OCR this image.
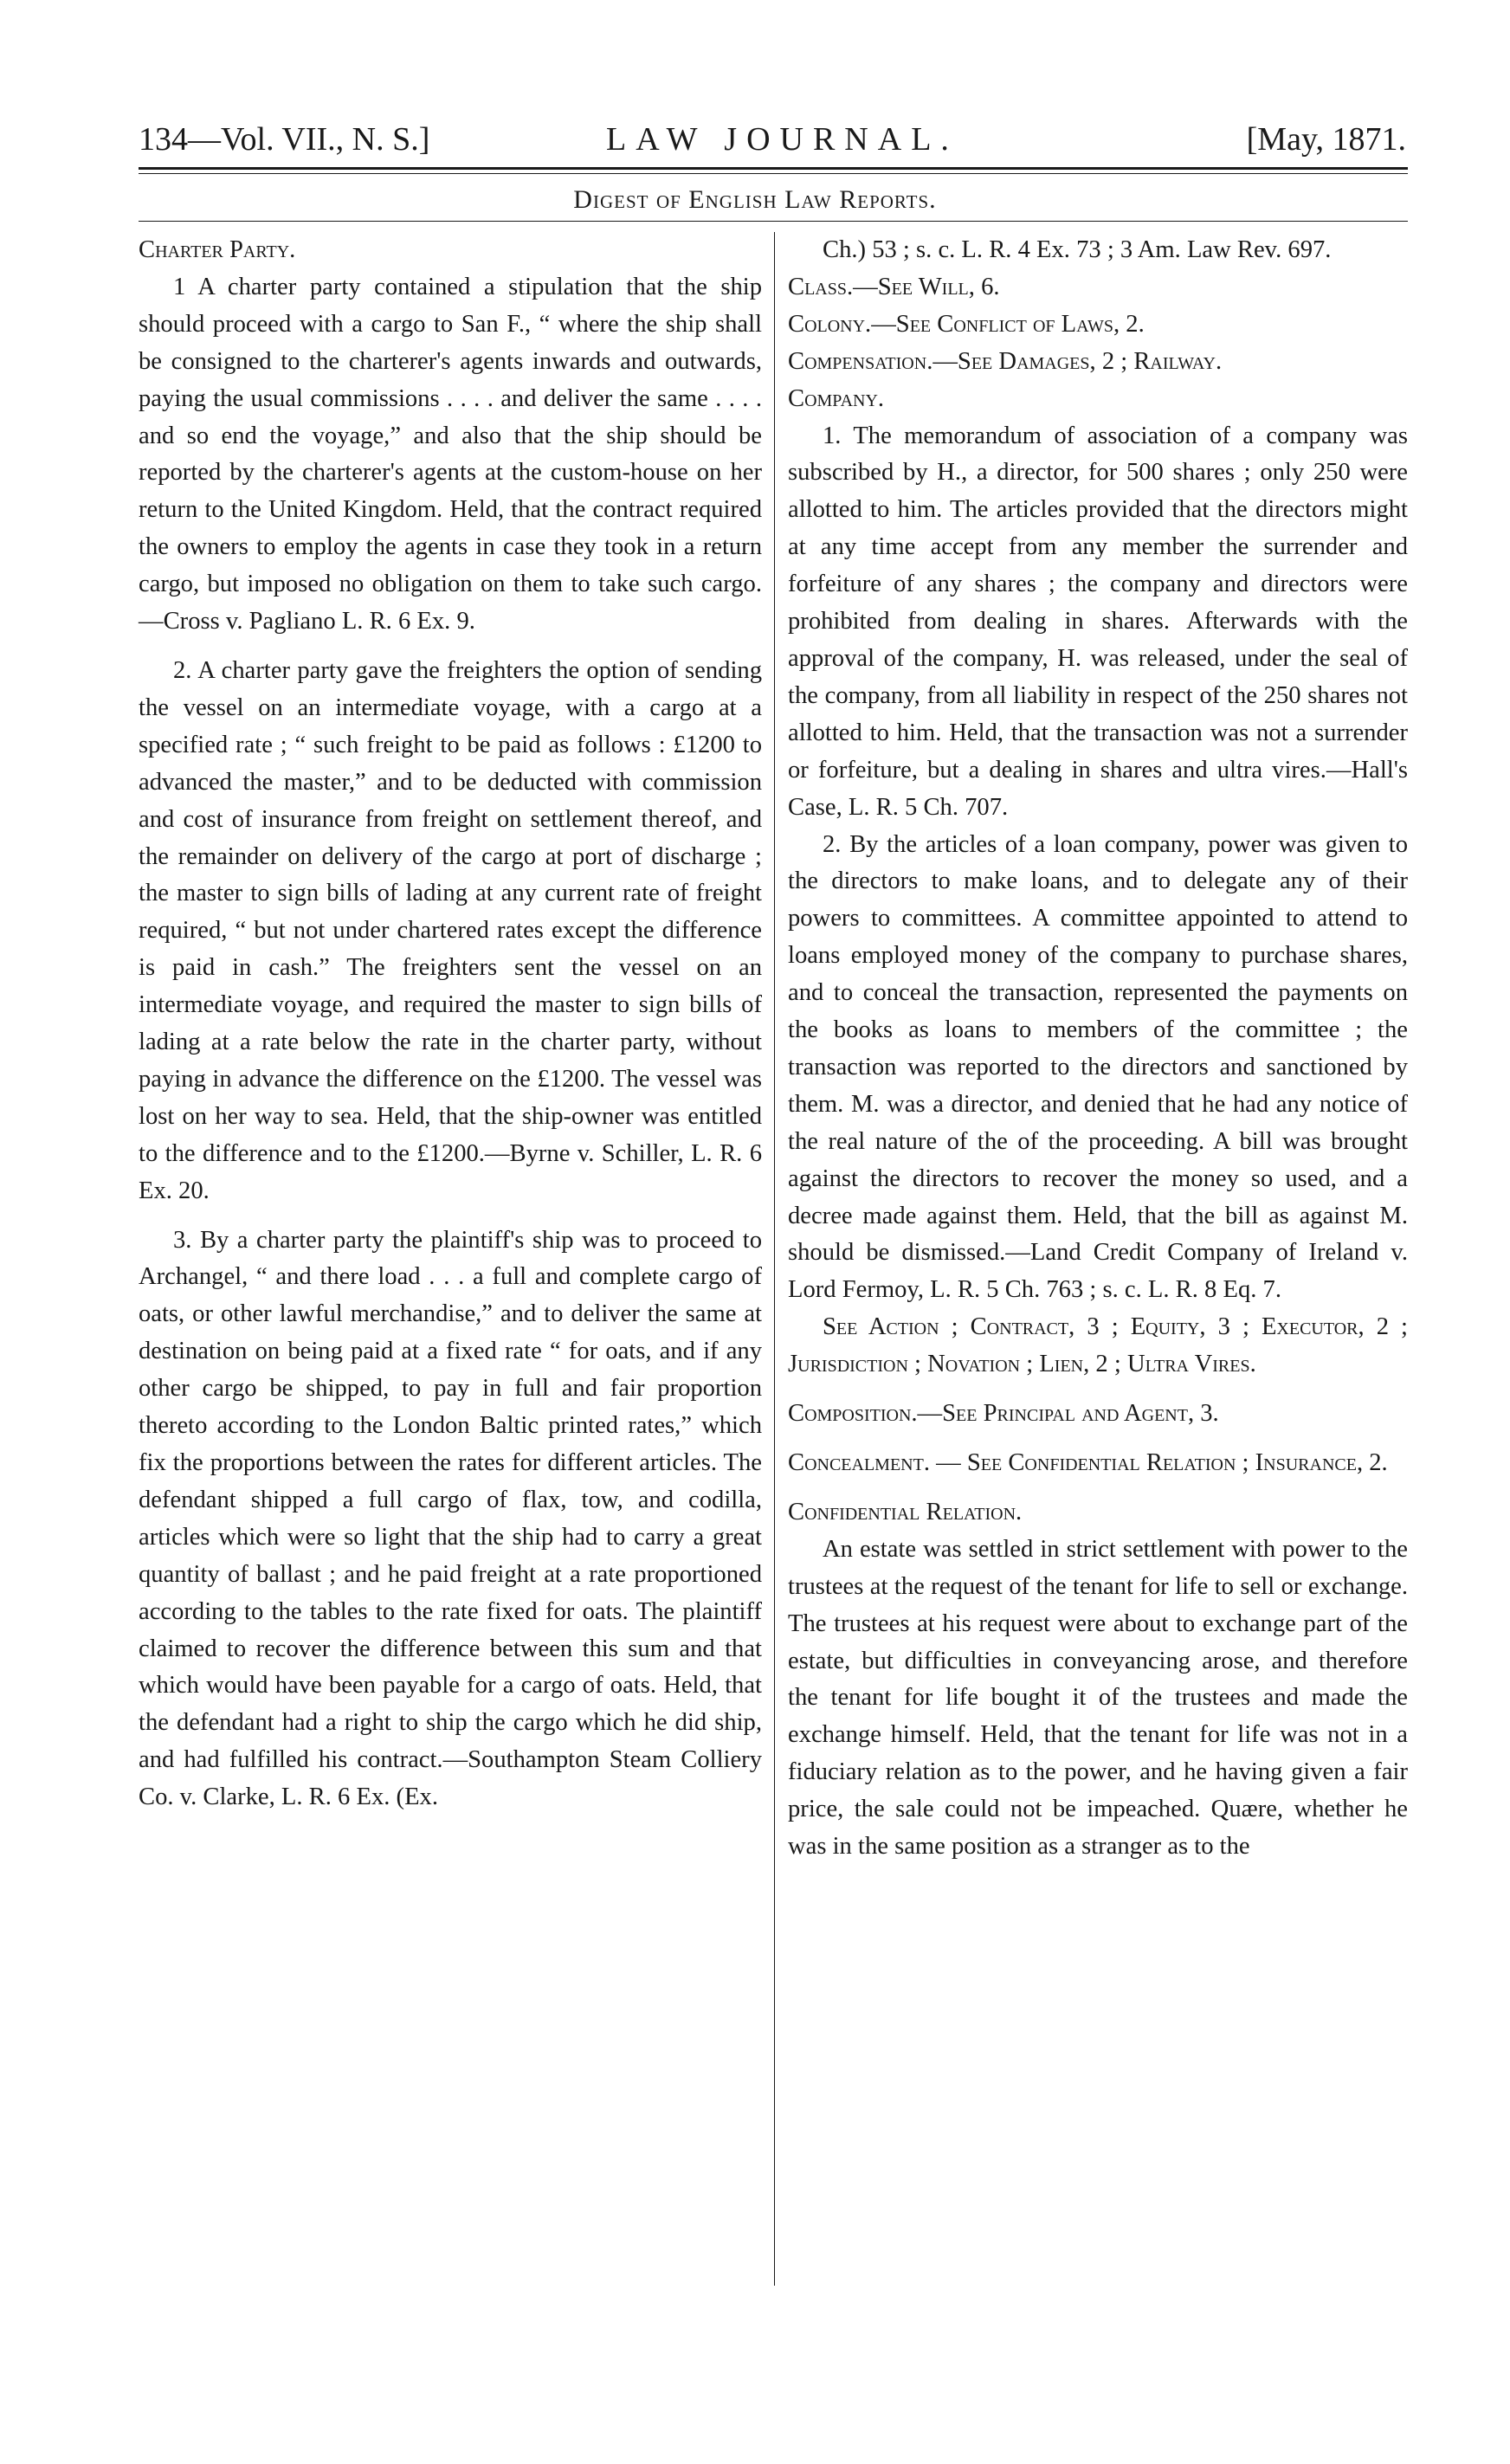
134—Vol. VII., N. S.]	LAW JOURNAL.	[May, 1871.
Digest of English Law Reports.

Charter Party.

1 A charter party contained a stipulation that the ship should proceed with a cargo to San F., “ where the ship shall be consigned to the charterer's agents inwards and outwards, paying the usual commissions . . . . and deliver the same . . . . and so end the voyage,” and also that the ship should be reported by the charterer's agents at the custom-house on her return to the United Kingdom. Held, that the contract required the owners to employ the agents in case they took in a return cargo, but imposed no obligation on them to take such cargo.—Cross v. Pagliano L. R. 6 Ex. 9.

2. A charter party gave the freighters the option of sending the vessel on an intermediate voyage, with a cargo at a specified rate ; “ such freight to be paid as follows : £1200 to advanced the master,” and to be deducted with commission and cost of insurance from freight on settlement thereof, and the remainder on delivery of the cargo at port of discharge ; the master to sign bills of lading at any current rate of freight required, “ but not under chartered rates except the difference is paid in cash.” The freighters sent the vessel on an intermediate voyage, and required the master to sign bills of lading at a rate below the rate in the charter party, without paying in advance the difference on the £1200. The vessel was lost on her way to sea. Held, that the ship-owner was entitled to the difference and to the £1200.—Byrne v. Schiller, L. R. 6 Ex. 20.

3. By a charter party the plaintiff's ship was to proceed to Archangel, “ and there load . . . a full and complete cargo of oats, or other lawful merchandise,” and to deliver the same at destination on being paid at a fixed rate “ for oats, and if any other cargo be shipped, to pay in full and fair proportion thereto according to the London Baltic printed rates,” which fix the proportions between the rates for different articles. The defendant shipped a full cargo of flax, tow, and codilla, articles which were so light that the ship had to carry a great quantity of ballast ; and he paid freight at a rate proportioned according to the tables to the rate fixed for oats. The plaintiff claimed to recover the difference between this sum and that which would have been payable for a cargo of oats. Held, that the defendant had a right to ship the cargo which he did ship, and had fulfilled his contract.—Southampton Steam Colliery Co. v. Clarke, L. R. 6 Ex. (Ex.

Ch.) 53 ; s. c. L. R. 4 Ex. 73 ; 3 Am. Law Rev. 697.

Class.—See Will, 6.

Colony.—See Conflict of Laws, 2.

Compensation.—See Damages, 2 ; Railway.

Company.

1. The memorandum of association of a company was subscribed by H., a director, for 500 shares ; only 250 were allotted to him. The articles provided that the directors might at any time accept from any member the surrender and forfeiture of any shares ; the company and directors were prohibited from dealing in shares. Afterwards with the approval of the company, H. was released, under the seal of the company, from all liability in respect of the 250 shares not allotted to him. Held, that the transaction was not a surrender or forfeiture, but a dealing in shares and ultra vires.—Hall's Case, L. R. 5 Ch. 707.

2. By the articles of a loan company, power was given to the directors to make loans, and to delegate any of their powers to committees. A committee appointed to attend to loans employed money of the company to purchase shares, and to conceal the transaction, represented the payments on the books as loans to members of the committee ; the transaction was reported to the directors and sanctioned by them. M. was a director, and denied that he had any notice of the real nature of the of the proceeding. A bill was brought against the directors to recover the money so used, and a decree made against them. Held, that the bill as against M. should be dismissed.—Land Credit Company of Ireland v. Lord Fermoy, L. R. 5 Ch. 763 ; s. c. L. R. 8 Eq. 7.

See Action ; Contract, 3 ; Equity, 3 ; Executor, 2 ; Jurisdiction ; Novation ; Lien, 2 ; Ultra Vires.

Composition.—See Principal and Agent, 3.

Concealment. — See Confidential Relation ; Insurance, 2.

Confidential Relation.

An estate was settled in strict settlement with power to the trustees at the request of the tenant for life to sell or exchange. The trustees at his request were about to exchange part of the estate, but difficulties in conveyancing arose, and therefore the tenant for life bought it of the trustees and made the exchange himself. Held, that the tenant for life was not in a fiduciary relation as to the power, and he having given a fair price, the sale could not be impeached. Quære, whether he was in the same position as a stranger as to the
